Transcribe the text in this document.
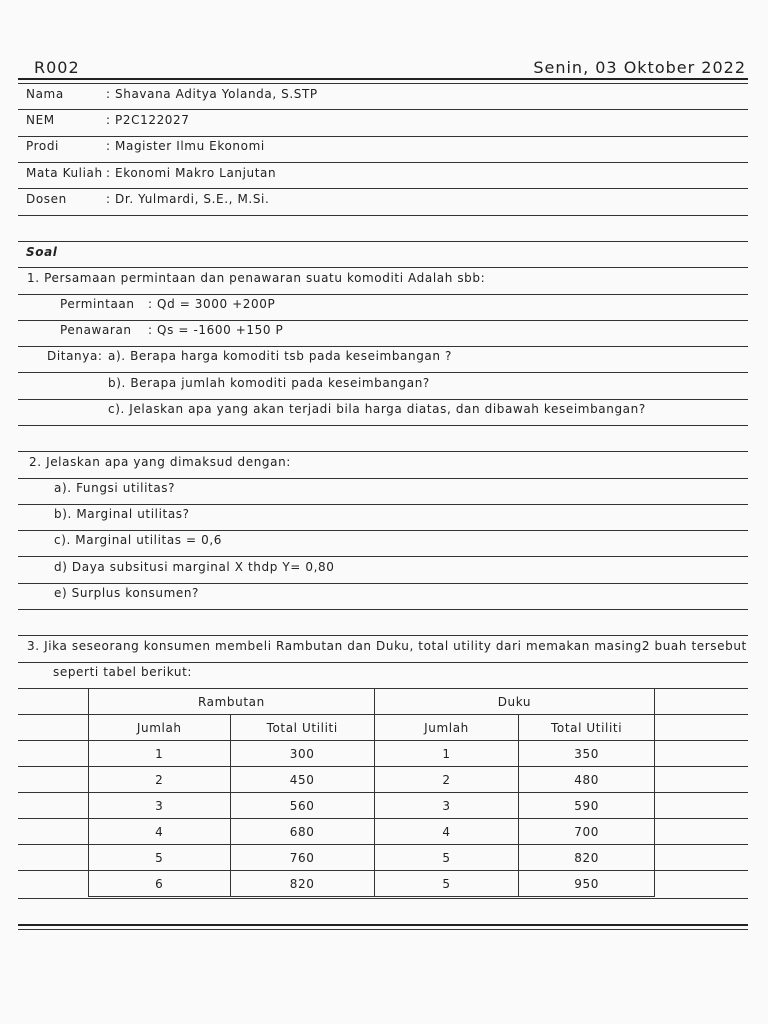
R002	Senin, 03 Oktober 2022
Nama	: Shavana Aditya Yolanda, S.STP
NEM	: P2C122027
Prodi	: Magister Ilmu Ekonomi
Mata Kuliah : Ekonomi Makro Lanjutan
Dosen	: Dr. Yulmardi, S.E., M.Si.
Soal
1. Persamaan permintaan dan penawaran suatu komoditi Adalah sbb:
Permintaan : Qd = 3000 +200P
Penawaran : Qs = -1600 +150 P
Ditanya: a). Berapa harga komoditi tsb pada keseimbangan ?
b). Berapa jumlah komoditi pada keseimbangan?
c). Jelaskan apa yang akan terjadi bila harga diatas, dan dibawah keseimbangan?
2. Jelaskan apa yang dimaksud dengan:
a). Fungsi utilitas?
b). Marginal utilitas?
c). Marginal utilitas = 0,6
d) Daya subsitusi marginal X thdp Y= 0,80
e) Surplus konsumen?
3. Jika seseorang konsumen membeli Rambutan dan Duku, total utility dari memakan masing2 buah tersebut
seperti tabel berikut:
Rambutan		Duku	
Jumlah	Total Utiliti	Jumlah	Total Utiliti
1	300	1	350
2	450	2	480
3	560	3	590
4	680	4	700
5	760	5	820
6	820	5	950
